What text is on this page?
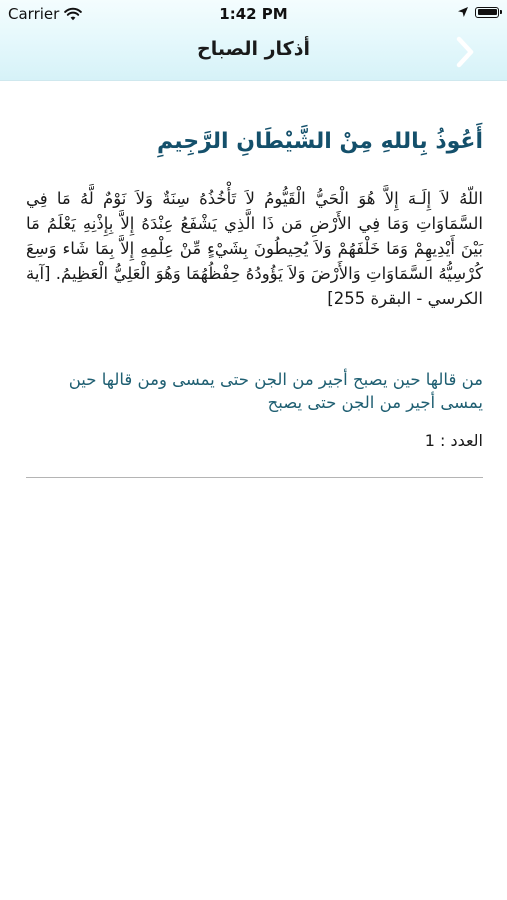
Carrier	1:42 PM
أذكار الصباح
أَعُوذُ بِاللهِ مِنْ الشَّيْطَانِ الرَّجِيمِ
اللّهُ لاَ إِلَـهَ إِلاَّ هُوَ الْحَيُّ الْقَيُّومُ لاَ تَأْخُذُهُ سِنَةٌ وَلاَ نَوْمٌ لَّهُ مَا فِي السَّمَاوَاتِ وَمَا فِي الأَرْضِ مَن ذَا الَّذِي يَشْفَعُ عِنْدَهُ إِلاَّ بِإِذْنِهِ يَعْلَمُ مَا بَيْنَ أَيْدِيهِمْ وَمَا خَلْفَهُمْ وَلاَ يُحِيطُونَ بِشَيْءٍ مِّنْ عِلْمِهِ إِلاَّ بِمَا شَاء وَسِعَ كُرْسِيُّهُ السَّمَاوَاتِ وَالأَرْضَ وَلاَ يَؤُودُهُ حِفْظُهُمَا وَهُوَ الْعَلِيُّ الْعَظِيمُ. [آية الكرسي - البقرة 255]
من قالها حين يصبح أجير من الجن حتى يمسى ومن قالها حين يمسى أجير من الجن حتى يصبح
العدد : 1
